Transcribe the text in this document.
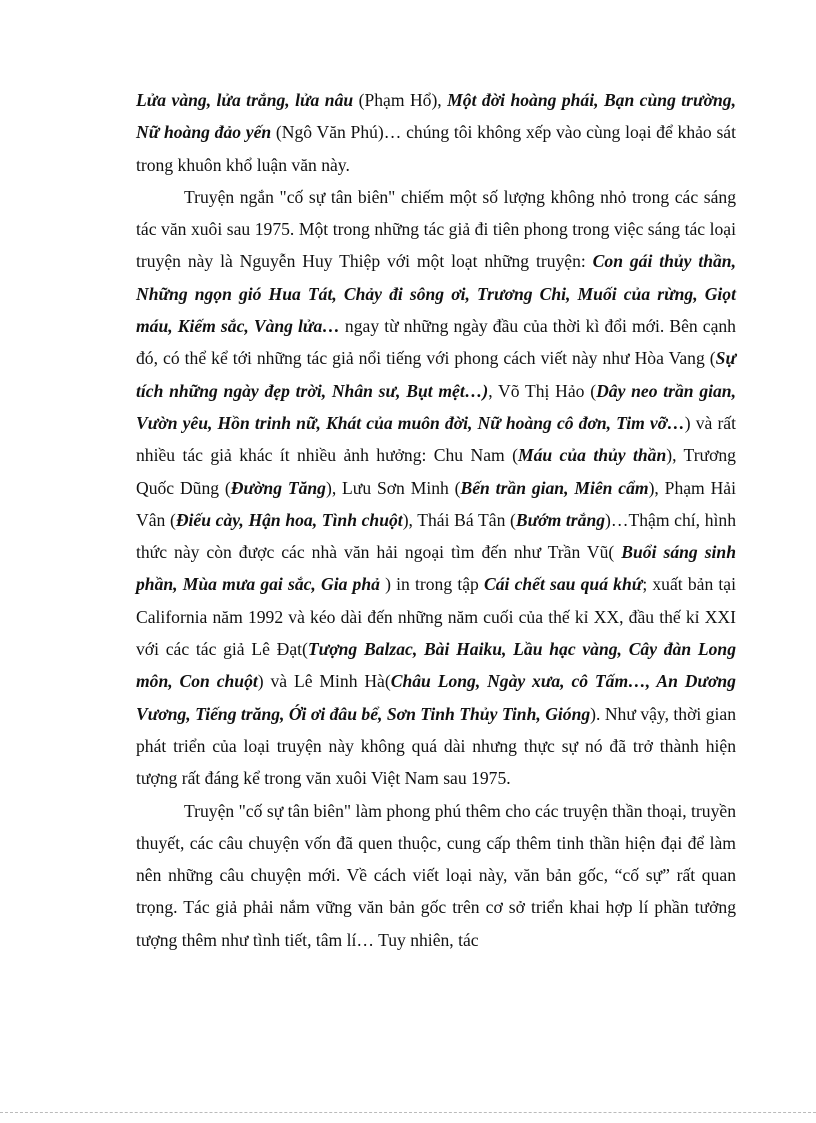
Lửa vàng, lửa trắng, lửa nâu (Phạm Hổ), Một đời hoàng phái, Bạn cùng trường, Nữ hoàng đảo yến (Ngô Văn Phú)… chúng tôi không xếp vào cùng loại để khảo sát trong khuôn khổ luận văn này.

Truyện ngắn "cố sự tân biên" chiếm một số lượng không nhỏ trong các sáng tác văn xuôi sau 1975. Một trong những tác giả đi tiên phong trong việc sáng tác loại truyện này là Nguyễn Huy Thiệp với một loạt những truyện: Con gái thủy thần, Những ngọn gió Hua Tát, Chảy đi sông ơi, Trương Chi, Muối của rừng, Giọt máu, Kiếm sắc, Vàng lửa… ngay từ những ngày đầu của thời kì đổi mới. Bên cạnh đó, có thể kể tới những tác giả nổi tiếng với phong cách viết này như Hòa Vang (Sự tích những ngày đẹp trời, Nhân sư, Bụt mệt…), Võ Thị Hảo (Dây neo trần gian, Vườn yêu, Hồn trinh nữ, Khát của muôn đời, Nữ hoàng cô đơn, Tim vỡ…) và rất nhiều tác giả khác ít nhiều ảnh hưởng: Chu Nam (Máu của thủy thần), Trương Quốc Dũng (Đường Tăng), Lưu Sơn Minh (Bến trần gian, Miên cẩm), Phạm Hải Vân (Điếu cày, Hận hoa, Tình chuột), Thái Bá Tân (Bướm trắng)…Thậm chí, hình thức này còn được các nhà văn hải ngoại tìm đến như Trần Vũ( Buổi sáng sinh phần, Mùa mưa gai sắc, Gia phả ) in trong tập Cái chết sau quá khứ; xuất bản tại California năm 1992 và kéo dài đến những năm cuối của thế kỉ XX, đầu thế kỉ XXI với các tác giả Lê Đạt(Tượng Balzac, Bài Haiku, Lầu hạc vàng, Cây đàn Long môn, Con chuột) và Lê Minh Hà(Châu Long, Ngày xưa, cô Tấm…, An Dương Vương, Tiếng trăng, Ới ơi đâu bể, Sơn Tinh Thủy Tinh, Gióng). Như vậy, thời gian phát triển của loại truyện này không quá dài nhưng thực sự nó đã trở thành hiện tượng rất đáng kể trong văn xuôi Việt Nam sau 1975.

Truyện "cố sự tân biên" làm phong phú thêm cho các truyện thần thoại, truyền thuyết, các câu chuyện vốn đã quen thuộc, cung cấp thêm tinh thần hiện đại để làm nên những câu chuyện mới. Về cách viết loại này, văn bản gốc, “cố sự” rất quan trọng. Tác giả phải nắm vững văn bản gốc trên cơ sở triển khai hợp lí phần tưởng tượng thêm như tình tiết, tâm lí… Tuy nhiên, tác
